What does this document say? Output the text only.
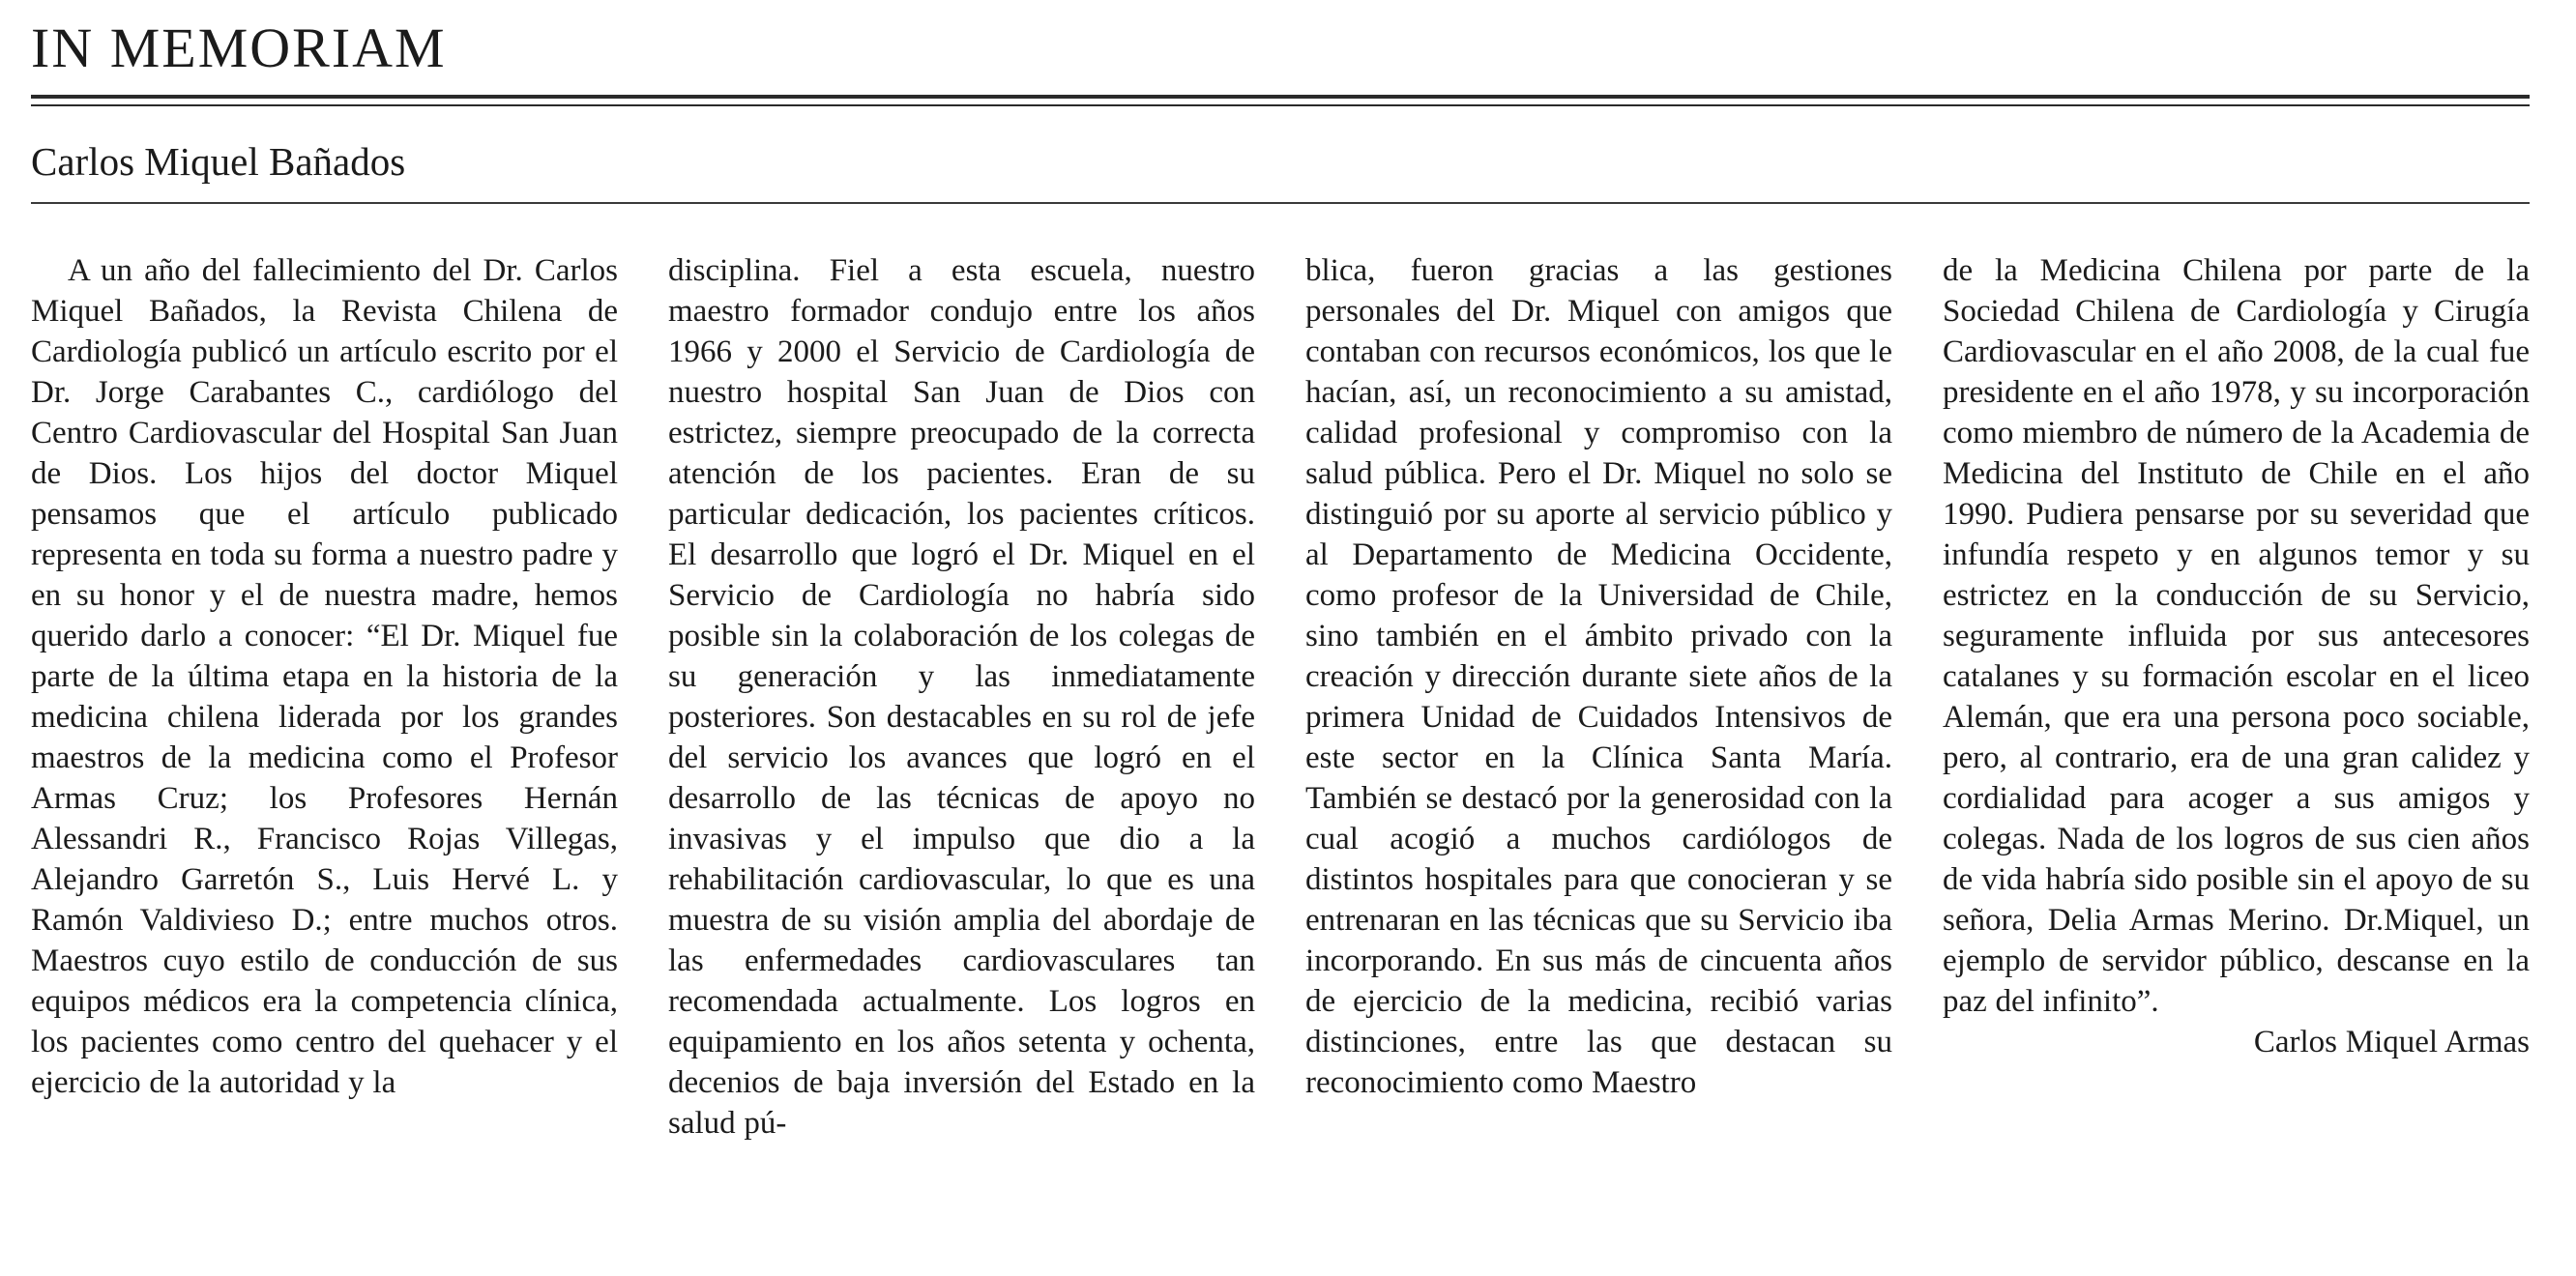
IN MEMORIAM
Carlos Miquel Bañados
A un año del fallecimiento del Dr. Carlos Miquel Bañados, la Revista Chilena de Cardiología publicó un artículo escrito por el Dr. Jorge Carabantes C., cardiólogo del Centro Cardiovascular del Hospital San Juan de Dios. Los hijos del doctor Miquel pensamos que el artículo publicado representa en toda su forma a nuestro padre y en su honor y el de nuestra madre, hemos querido darlo a conocer: “El Dr. Miquel fue parte de la última etapa en la historia de la medicina chilena liderada por los grandes maestros de la medicina como el Profesor Armas Cruz; los Profesores Hernán Alessandri R., Francisco Rojas Villegas, Alejandro Garretón S., Luis Hervé L. y Ramón Valdivieso D.; entre muchos otros. Maestros cuyo estilo de conducción de sus equipos médicos era la competencia clínica, los pacientes como centro del quehacer y el ejercicio de la autoridad y la
disciplina. Fiel a esta escuela, nuestro maestro formador condujo entre los años 1966 y 2000 el Servicio de Cardiología de nuestro hospital San Juan de Dios con estrictez, siempre preocupado de la correcta atención de los pacientes. Eran de su particular dedicación, los pacientes críticos. El desarrollo que logró el Dr. Miquel en el Servicio de Cardiología no habría sido posible sin la colaboración de los colegas de su generación y las inmediatamente posteriores. Son destacables en su rol de jefe del servicio los avances que logró en el desarrollo de las técnicas de apoyo no invasivas y el impulso que dio a la rehabilitación cardiovascular, lo que es una muestra de su visión amplia del abordaje de las enfermedades cardiovasculares tan recomendada actualmente. Los logros en equipamiento en los años setenta y ochenta, decenios de baja inversión del Estado en la salud pú-
blica, fueron gracias a las gestiones personales del Dr. Miquel con amigos que contaban con recursos económicos, los que le hacían, así, un reconocimiento a su amistad, calidad profesional y compromiso con la salud pública. Pero el Dr. Miquel no solo se distinguió por su aporte al servicio público y al Departamento de Medicina Occidente, como profesor de la Universidad de Chile, sino también en el ámbito privado con la creación y dirección durante siete años de la primera Unidad de Cuidados Intensivos de este sector en la Clínica Santa María. También se destacó por la generosidad con la cual acogió a muchos cardiólogos de distintos hospitales para que conocieran y se entrenaran en las técnicas que su Servicio iba incorporando. En sus más de cincuenta años de ejercicio de la medicina, recibió varias distinciones, entre las que destacan su reconocimiento como Maestro
de la Medicina Chilena por parte de la Sociedad Chilena de Cardiología y Cirugía Cardiovascular en el año 2008, de la cual fue presidente en el año 1978, y su incorporación como miembro de número de la Academia de Medicina del Instituto de Chile en el año 1990. Pudiera pensarse por su severidad que infundía respeto y en algunos temor y su estrictez en la conducción de su Servicio, seguramente influida por sus antecesores catalanes y su formación escolar en el liceo Alemán, que era una persona poco sociable, pero, al contrario, era de una gran calidez y cordialidad para acoger a sus amigos y colegas. Nada de los logros de sus cien años de vida habría sido posible sin el apoyo de su señora, Delia Armas Merino. Dr.Miquel, un ejemplo de servidor público, descanse en la paz del infinito”.
Carlos Miquel Armas
